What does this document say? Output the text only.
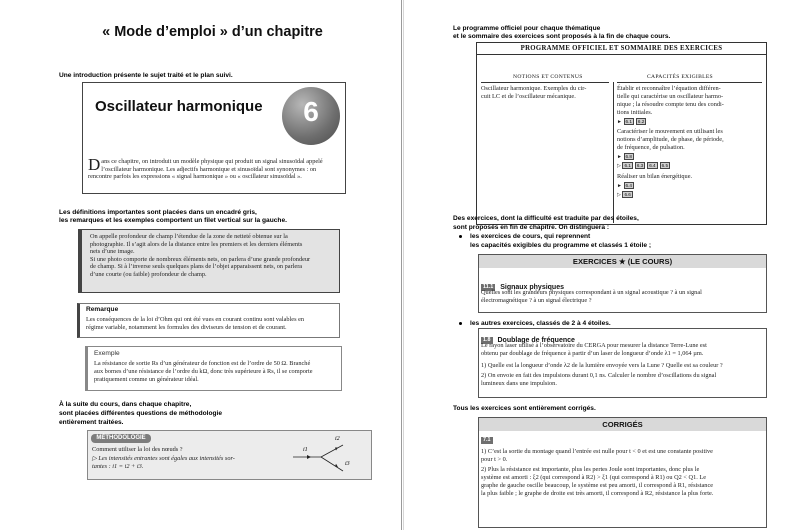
« Mode d’emploi » d’un chapitre
Une introduction présente le sujet traité et le plan suivi.
Oscillateur harmonique	6
D ans ce chapitre, on introduit un modèle physique qui produit un signal sinusoïdal appelé
l’oscillateur harmonique. Les adjectifs harmonique et sinusoïdal sont synonymes : on
rencontre parfois les expressions « signal harmonique » ou « oscillateur sinusoïdal ».
Les définitions importantes sont placées dans un encadré gris,
les remarques et les exemples comportent un filet vertical sur la gauche.
On appelle profondeur de champ l’étendue de la zone de netteté obtenue sur la
photographie. Il s’agit alors de la distance entre les premiers et les derniers éléments
nets d’une image.
Si une photo comporte de nombreux éléments nets, on parlera d’une grande profondeur
de champ. Si à l’inverse seuls quelques plans de l’objet apparaissent nets, on parlera
d’une courte (ou faible) profondeur de champ.
Remarque
Les conséquences de la loi d’Ohm qui ont été vues en courant continu sont valables en
régime variable, notamment les formules des diviseurs de tension et de courant.
Exemple
La résistance de sortie Rs d’un générateur de fonction est de l’ordre de 50 Ω. Branché
aux bornes d’une résistance de l’ordre du kΩ, donc très supérieure à Rs, il se comporte
pratiquement comme un générateur idéal.
À la suite du cours, dans chaque chapitre,
sont placées différentes questions de méthodologie
entièrement traitées.
MÉTHODOLOGIE
Comment utiliser la loi des nœuds ?
▷ Les intensités entrantes sont égales aux intensités sor-
tantes : i1 = i2 + i3.
i1
i2
i3
Le programme officiel pour chaque thématique
et le sommaire des exercices sont proposés à la fin de chaque cours.
PROGRAMME OFFICIEL ET SOMMAIRE DES EXERCICES
NOTIONS ET CONTENUS	CAPACITÉS EXIGIBLES
Oscillateur harmonique. Exemples du cir-
cuit LC et de l’oscillateur mécanique.
Établir et reconnaître l’équation différen-
tielle qui caractérise un oscillateur harmo-
nique ; la résoudre compte tenu des condi-
tions initiales.
► 6.1 6.2
Caractériser le mouvement en utilisant les
notions d’amplitude, de phase, de période,
de fréquence, de pulsation.
► 6.8
▷ 6.1 6.3 6.4 6.5
Réaliser un bilan énergétique.
► 6.4
▷ 6.6
Des exercices, dont la difficulté est traduite par des étoiles,
sont proposés en fin de chapitre. On distinguera :
les exercices de cours, qui reprennent
les capacités exigibles du programme et classés 1 étoile ;
EXERCICES ★ (LE COURS)
11.1 Signaux physiques
Quelles sont les grandeurs physiques correspondant à un signal acoustique ? à un signal
électromagnétique ? à un signal électrique ?
les autres exercices, classés de 2 à 4 étoiles.
1.8 Doublage de fréquence
Le rayon laser utilisé à l’observatoire du CERGA pour mesurer la distance Terre-Lune est
obtenu par doublage de fréquence à partir d’un laser de longueur d’onde λ1 = 1,064 µm.
1) Quelle est la longueur d’onde λ2 de la lumière envoyée vers la Lune ? Quelle est sa couleur ?
2) On envoie en fait des impulsions durant 0,1 ns. Calculer le nombre d’oscillations du signal
lumineux dans une impulsion.
Tous les exercices sont entièrement corrigés.
CORRIGÉS
7.1
1) C’est la sortie du montage quand l’entrée est nulle pour t < 0 et est une constante positive
pour t > 0.
2) Plus la résistance est importante, plus les pertes Joule sont importantes, donc plus le
système est amorti : ξ2 (qui correspond à R2) > ξ1 (qui correspond à R1) ou Q2 < Q1. Le
graphe de gauche oscille beaucoup, le système est peu amorti, il correspond à R1, résistance
la plus faible ; le graphe de droite est très amorti, il correspond à R2, résistance la plus forte.
